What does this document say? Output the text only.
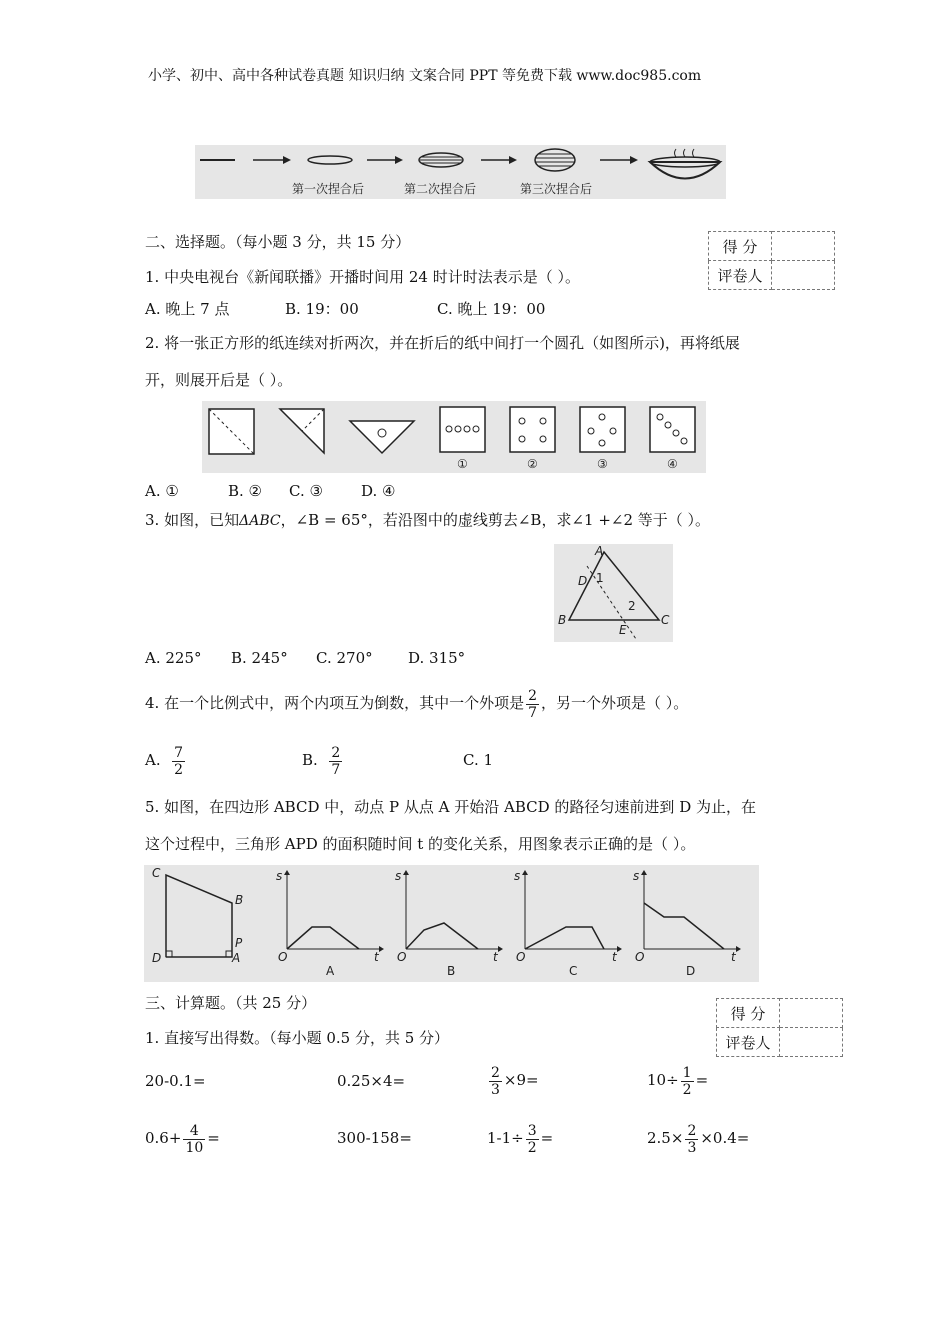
小学、初中、高中各种试卷真题 知识归纳 文案合同 PPT 等免费下载 www.doc985.com
第一次捏合后	第二次捏合后	第三次捏合后
二、选择题。（每小题 3 分，共 15 分）	得 分	
评卷人	
1. 中央电视台《新闻联播》开播时间用 24 时计时法表示是（ ）。
A. 晚上 7 点	B. 19：00	C. 晚上 19：00
2. 将一张正方形的纸连续对折两次，并在折后的纸中间打一个圆孔（如图所示)，再将纸展
开，则展开后是（ ）。
①	②	③	④
A. ①	B. ② C. ③	D. ④
3. 如图，已知ΔABC，∠B = 65°，若沿图中的虚线剪去∠B，求∠1 +∠2 等于（ ）。
A
D 1
2
B
E
C
A. 225° B. 245° C. 270° D. 315°
4. 在一个比例式中，两个内项互为倒数，其中一个外项是 $\frac{2}{7}$ ，另一个外项是（ ）。
A. $\frac{7}{2}$	B. $\frac{2}{7}$	C. 1
5. 如图，在四边形 ABCD 中，动点 P 从点 A 开始沿 ABCD 的路径匀速前进到 D 为止，在
这个过程中，三角形 APD 的面积随时间 t 的变化关系，用图象表示正确的是（ ）。
C
B
P
D	A
s
O	t
A
s
O	t
B
s
O	t
C
s
O	t
D
三、计算题。（共 25 分）
得 分	
评卷人	
1. 直接写出得数。（每小题 0.5 分，共 5 分）
20-0.1=	0.25×4=	$\frac{2}{3} \times 9=$	$10\div \frac{1}{2}$ =
$0.6+ \frac{4}{10}$ =	300-158=	$1-1\div \frac{3}{2}$ =	$2.5\times \frac{2}{3} \times 0.4=$
